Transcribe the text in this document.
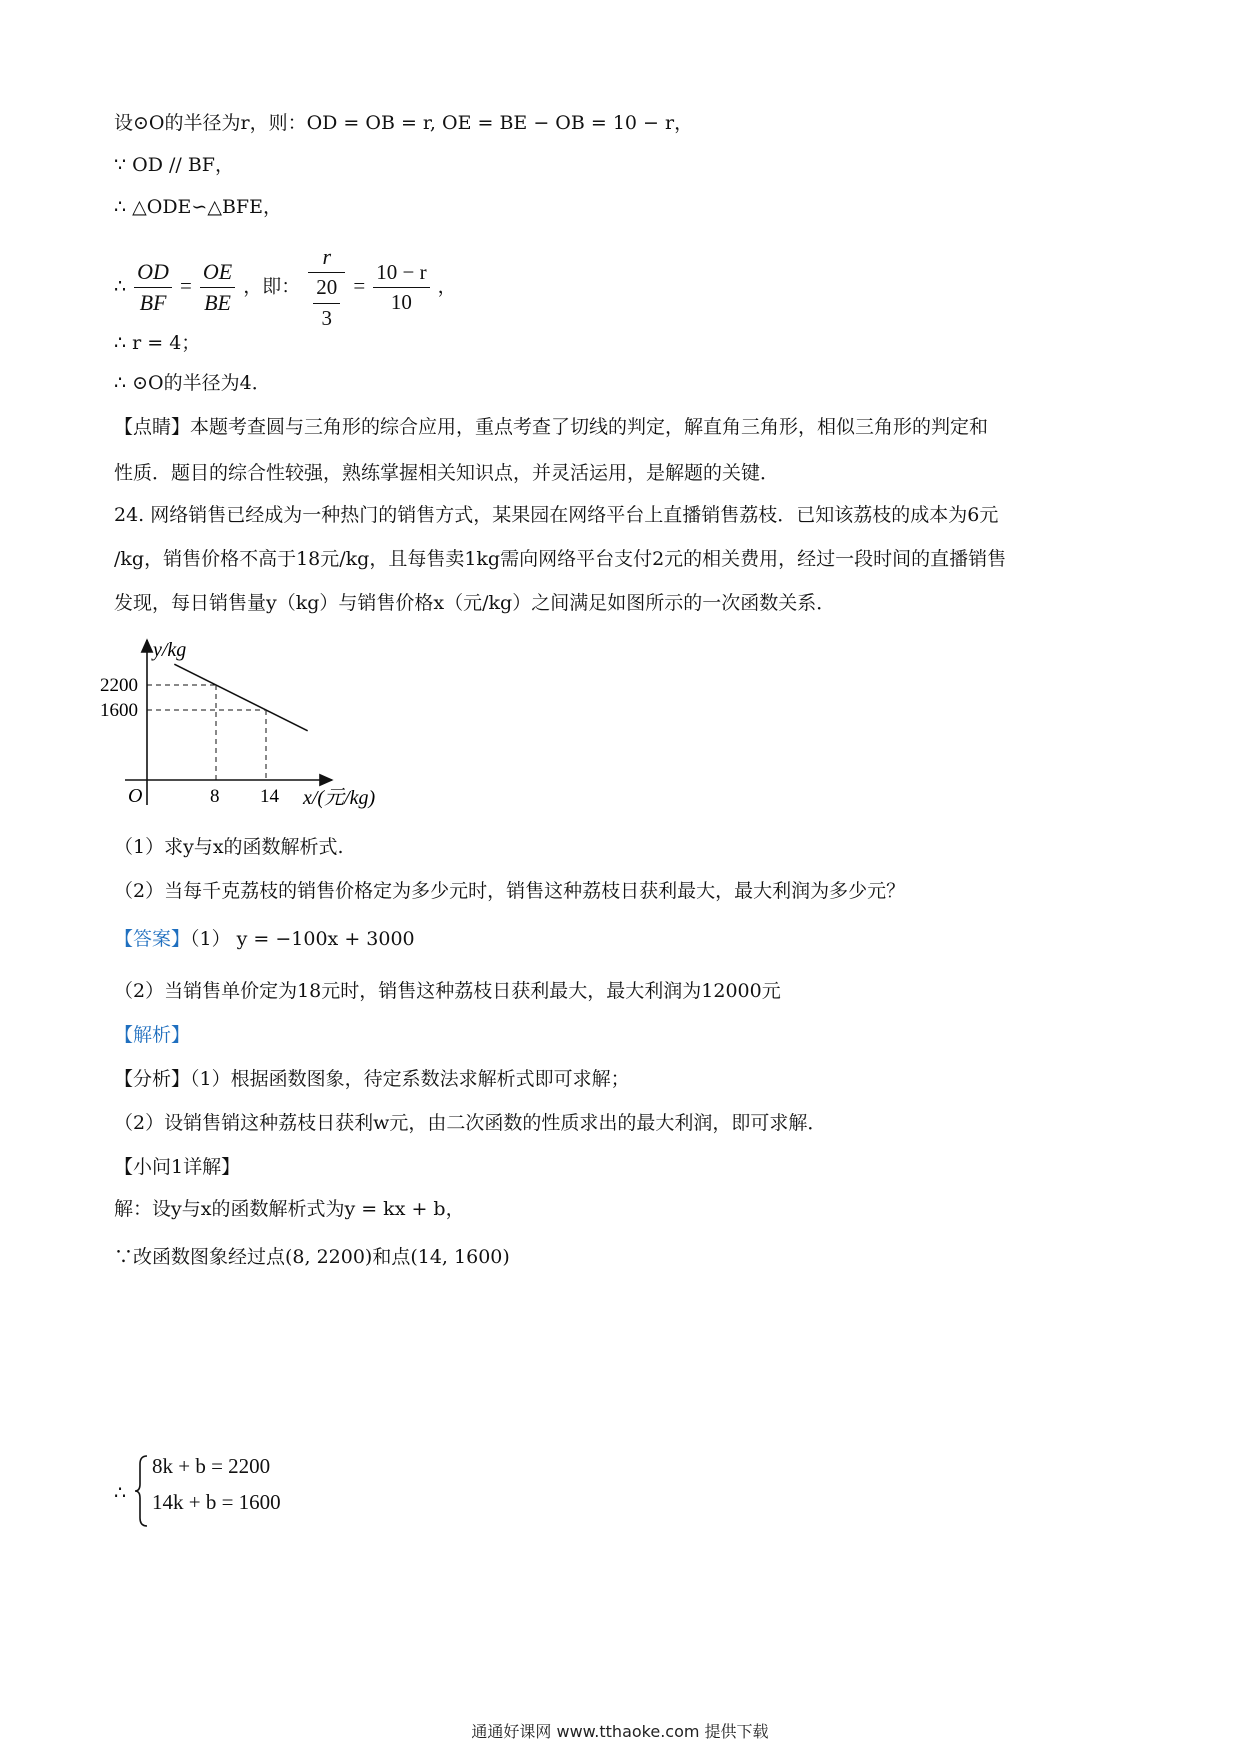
设⊙O的半径为r，则：OD = OB = r, OE = BE − OB = 10 − r，
∵ OD // BF，
∴ △ODE∽△BFE，
∴ $\frac{OD}{BF} = \frac{OE}{BE}$ ，即： $\frac{r}{\frac{20}{3}} = \frac{10 - r}{10}$ ，
∴ r = 4；
∴ ⊙O的半径为4．
【点睛】本题考查圆与三角形的综合应用，重点考查了切线的判定，解直角三角形，相似三角形的判定和
性质．题目的综合性较强，熟练掌握相关知识点，并灵活运用，是解题的关键．
24. 网络销售已经成为一种热门的销售方式，某果园在网络平台上直播销售荔枝．已知该荔枝的成本为6元
/kg，销售价格不高于18元/kg，且每售卖1kg需向网络平台支付2元的相关费用，经过一段时间的直播销售
发现，每日销售量y（kg）与销售价格x（元/kg）之间满足如图所示的一次函数关系．
8 14
2200
1600
y/kg
x/(元/kg)
O
（1）求y与x的函数解析式.
（2）当每千克荔枝的销售价格定为多少元时，销售这种荔枝日获利最大，最大利润为多少元？
【答案】（1） y = −100x + 3000
（2）当销售单价定为18元时，销售这种荔枝日获利最大，最大利润为12000元
【解析】
【分析】（1）根据函数图象，待定系数法求解析式即可求解；
（2）设销售销这种荔枝日获利w元，由二次函数的性质求出的最大利润，即可求解．
【小问1详解】
解：设y与x的函数解析式为y = kx + b，
∵改函数图象经过点(8, 2200)和点(14, 1600)
∴
8k + b = 2200
14k + b = 1600
通通好课网 www.tthaoke.com 提供下载
